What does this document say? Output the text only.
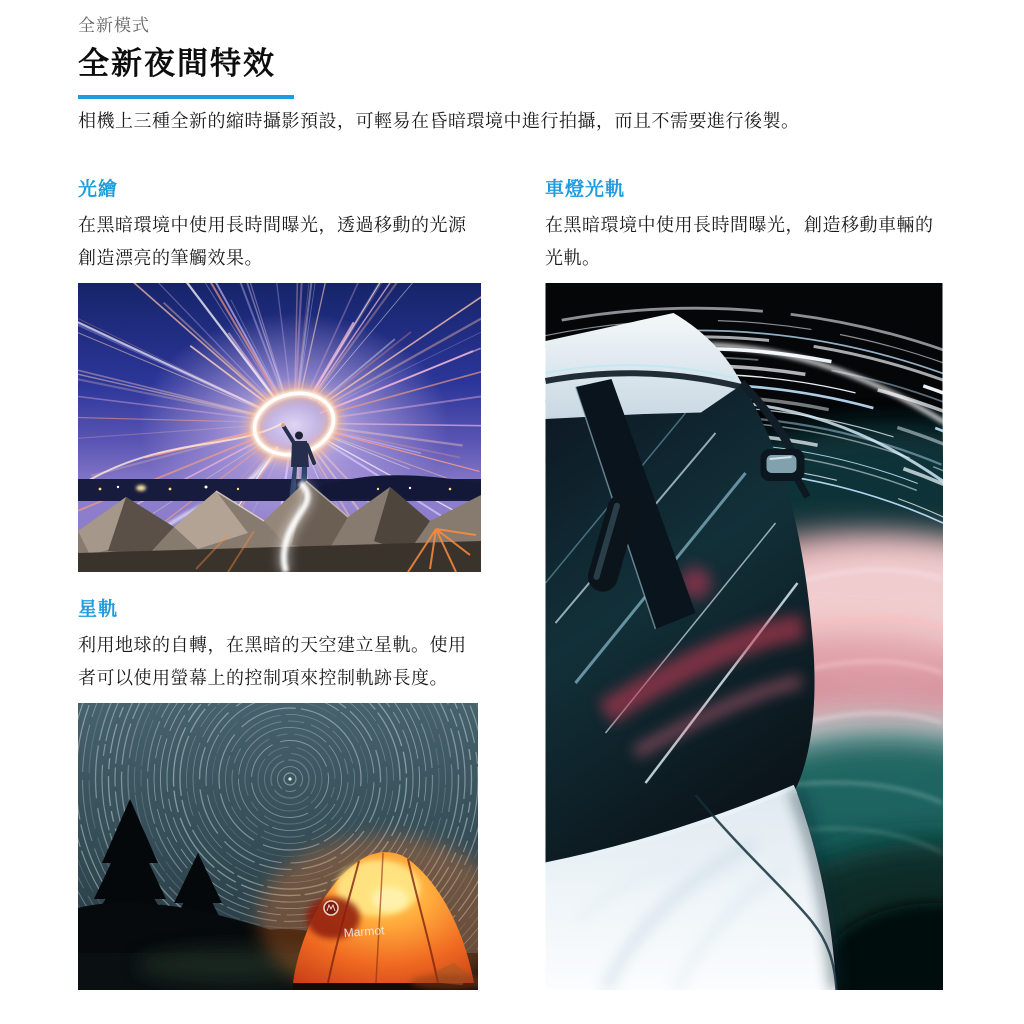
全新模式
全新夜間特效

相機上三種全新的縮時攝影預設，可輕易在昏暗環境中進行拍攝，而且不需要進行後製。

光繪

在黑暗環境中使用長時間曝光，透過移動的光源創造漂亮的筆觸效果。

星軌

利用地球的自轉，在黑暗的天空建立星軌。使用者可以使用螢幕上的控制項來控制軌跡長度。

Marmot
車燈光軌

在黑暗環境中使用長時間曝光，創造移動車輛的光軌。
